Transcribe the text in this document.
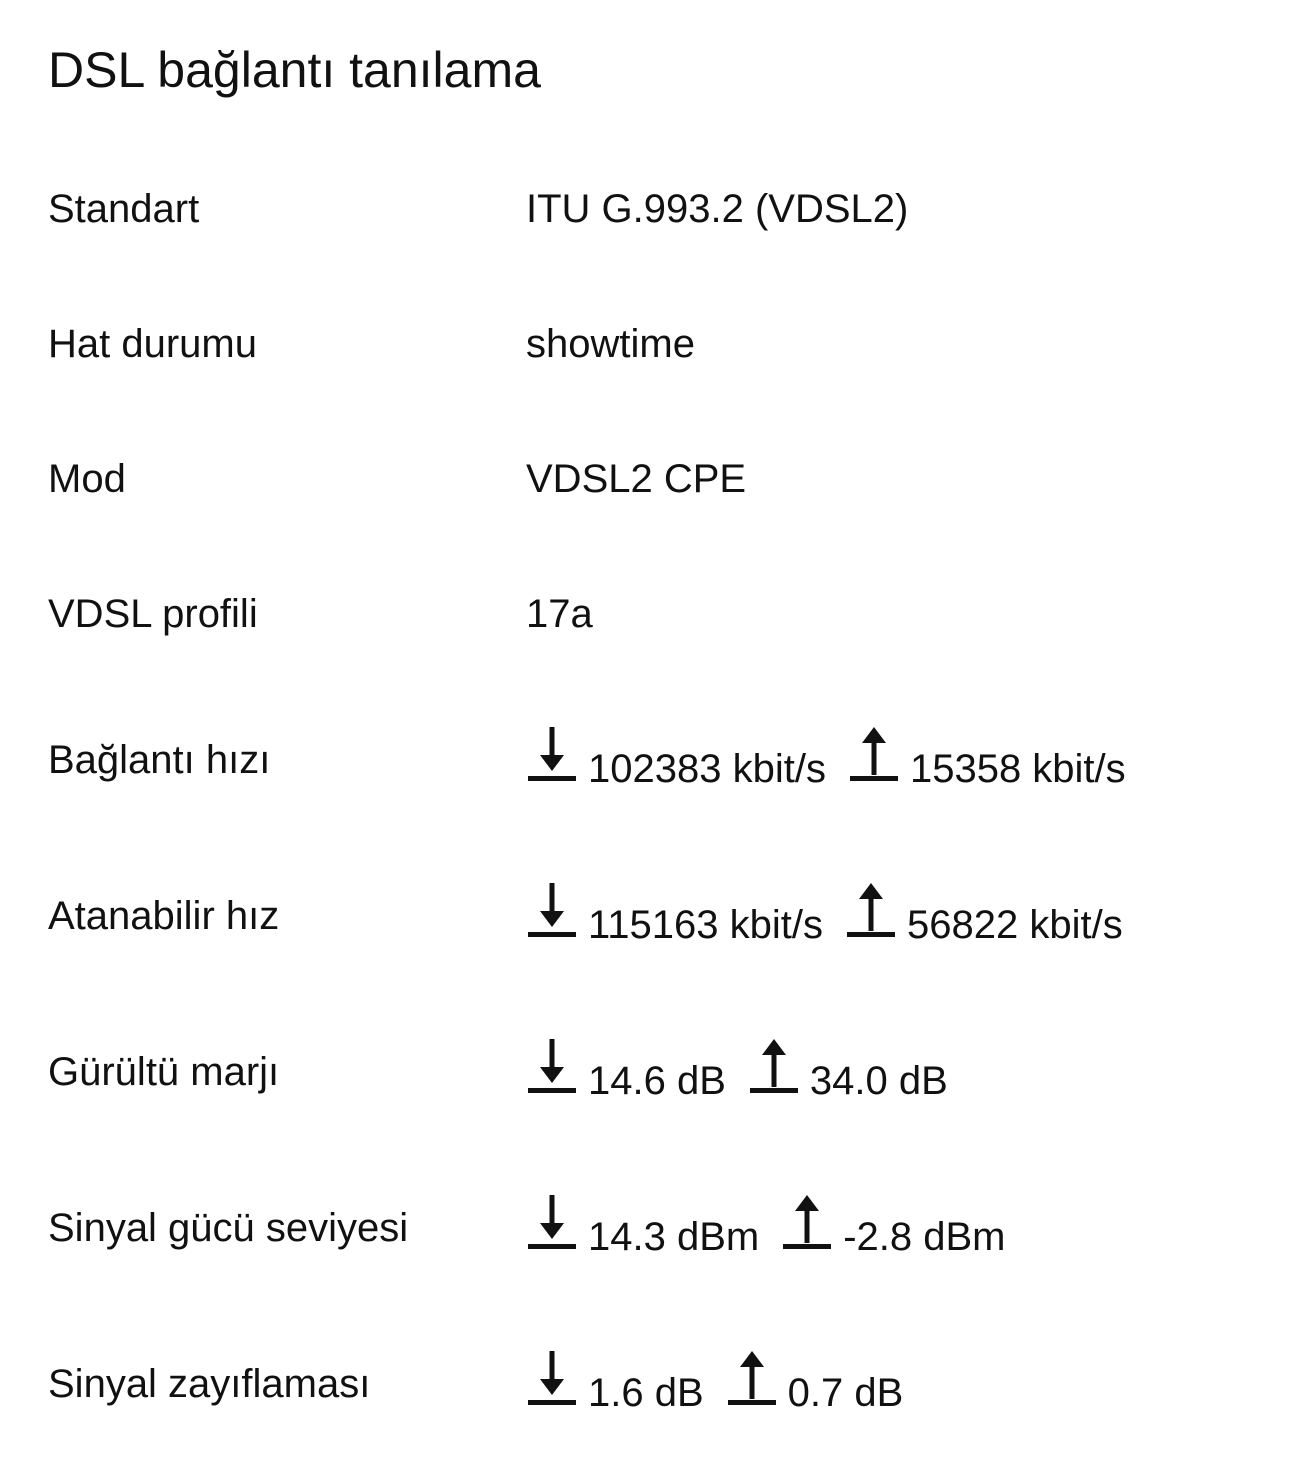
DSL bağlantı tanılama
Standart	ITU G.993.2 (VDSL2)
Hat durumu	showtime
Mod	VDSL2 CPE
VDSL profili	17a
Bağlantı hızı	102383 kbit/s 15358 kbit/s
Atanabilir hız	115163 kbit/s 56822 kbit/s
Gürültü marjı	14.6 dB 34.0 dB
Sinyal gücü seviyesi	14.3 dBm -2.8 dBm
Sinyal zayıflaması	1.6 dB 0.7 dB
